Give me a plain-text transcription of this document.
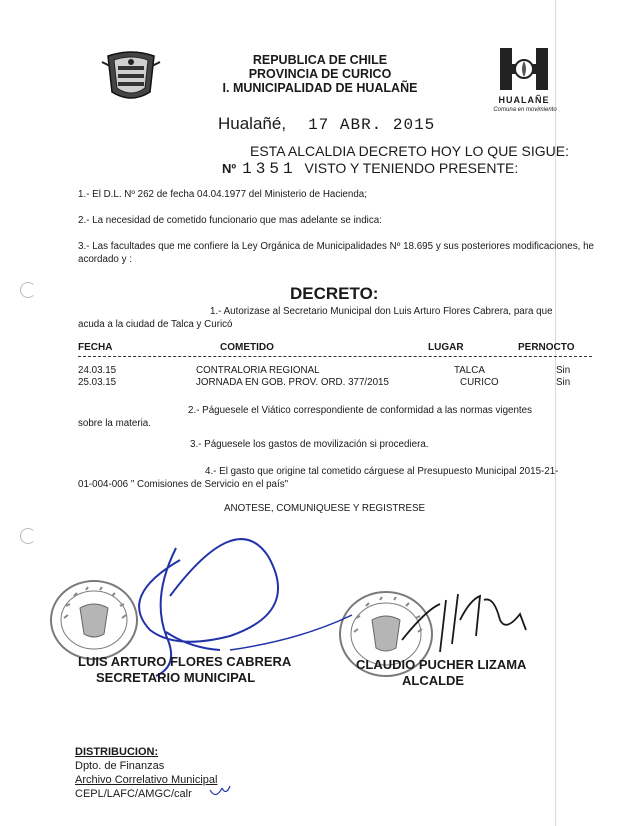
REPUBLICA DE CHILE
PROVINCIA DE CURICO
I. MUNICIPALIDAD DE HUALAÑE
HUALAÑE
Comuna en movimiento
Hualañé, 17 ABR. 2015
ESTA ALCALDIA DECRETO HOY LO QUE SIGUE:
Nº 1351 VISTO Y TENIENDO PRESENTE:
1.- El D.L. Nº 262 de fecha 04.04.1977 del Ministerio de Hacienda;
2.- La necesidad de cometido funcionario que mas adelante se indica:
3.- Las facultades que me confiere la Ley Orgánica de Municipalidades Nº 18.695 y sus posteriores modificaciones, he acordado y :
DECRETO:
1.- Autorizase al Secretario Municipal don Luis Arturo Flores Cabrera, para que
acuda a la ciudad de Talca y Curicó
FECHA	COMETIDO	LUGAR	PERNOCTO
24.03.15	CONTRALORIA REGIONAL	TALCA	Sin
25.03.15	JORNADA EN GOB. PROV. ORD. 377/2015	CURICO	Sin
2.- Páguesele el Viático correspondiente de conformidad a las normas vigentes
sobre la materia.
3.- Páguesele los gastos de movilización si procediera.
4.- El gasto que origine tal cometido cárguese al Presupuesto Municipal 2015-21-
01-004-006 " Comisiones de Servicio en el país"
ANOTESE, COMUNIQUESE Y REGISTRESE
LUIS ARTURO FLORES CABRERA
SECRETARIO MUNICIPAL
CLAUDIO PUCHER LIZAMA
ALCALDE
DISTRIBUCION:
Dpto. de Finanzas
Archivo Correlativo Municipal
CEPL/LAFC/AMGC/calr
